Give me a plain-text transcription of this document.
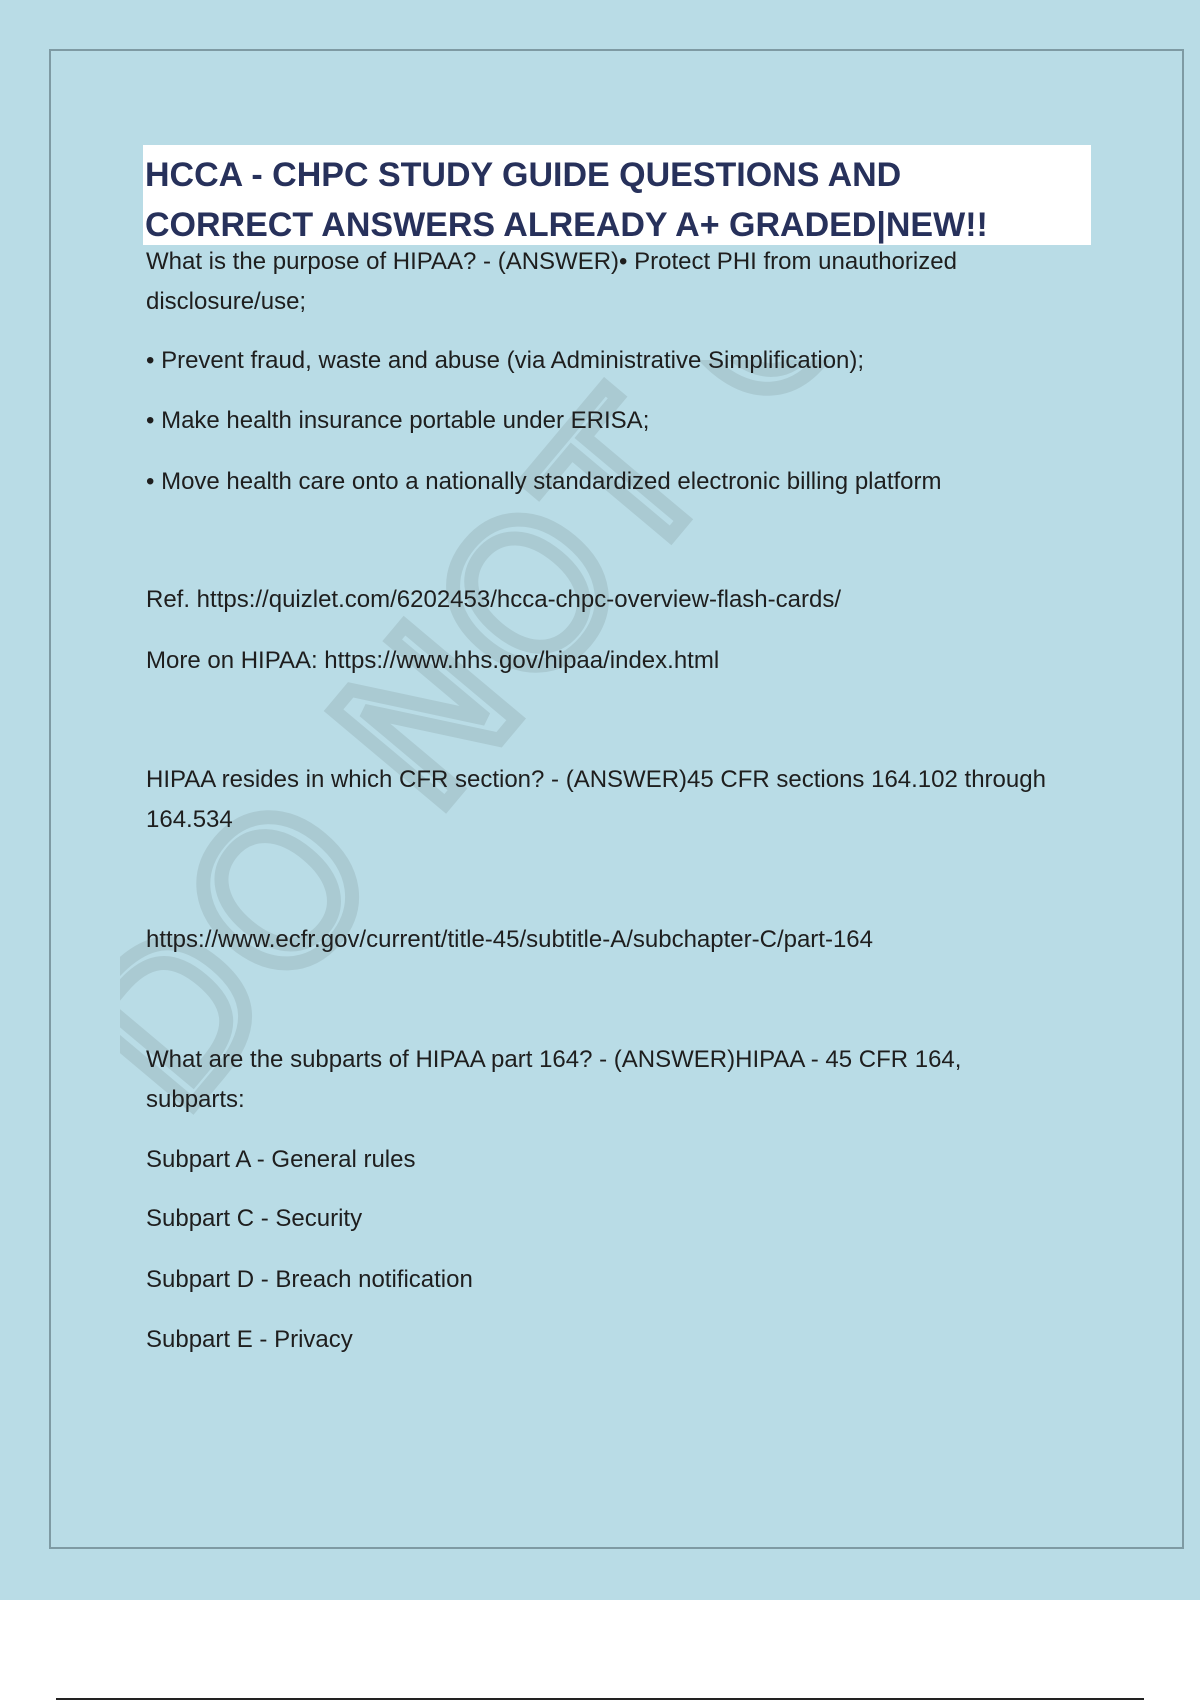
HCCA - CHPC STUDY GUIDE QUESTIONS AND
CORRECT ANSWERS ALREADY A+ GRADED|NEW!!
What is the purpose of HIPAA? - (ANSWER)• Protect PHI from unauthorized
disclosure/use;
• Prevent fraud, waste and abuse (via Administrative Simplification);
• Make health insurance portable under ERISA;
• Move health care onto a nationally standardized electronic billing platform
Ref. https://quizlet.com/6202453/hcca-chpc-overview-flash-cards/
More on HIPAA: https://www.hhs.gov/hipaa/index.html
HIPAA resides in which CFR section? - (ANSWER)45 CFR sections 164.102 through
164.534
https://www.ecfr.gov/current/title-45/subtitle-A/subchapter-C/part-164
What are the subparts of HIPAA part 164? - (ANSWER)HIPAA - 45 CFR 164,
subparts:
Subpart A - General rules
Subpart C - Security
Subpart D - Breach notification
Subpart E - Privacy
